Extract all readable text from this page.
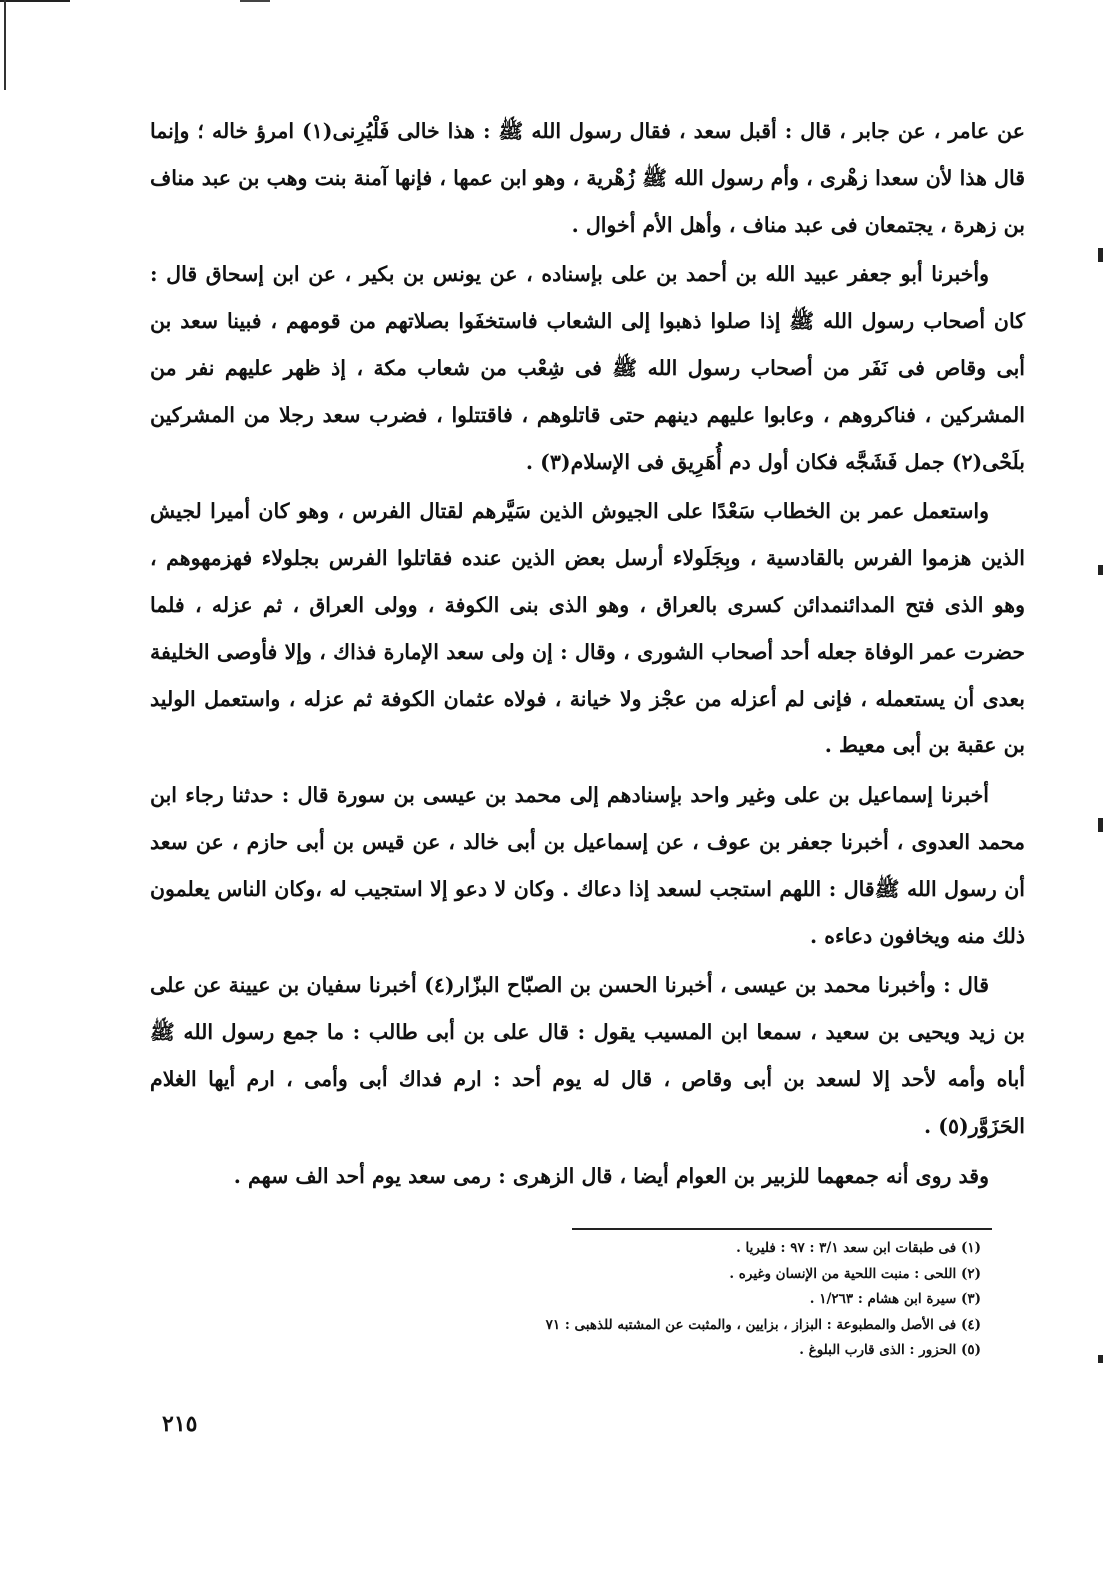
عن عامر ، عن جابر ، قال : أقبل سعد ، فقال رسول الله ﷺ : هذا خالى فَلْيُرِنى(١) امرؤ خاله ؛ وإنما قال هذا لأن سعدا زهْرى ، وأم رسول الله ﷺ زُهْرية ، وهو ابن عمها ، فإنها آمنة بنت وهب بن عبد مناف بن زهرة ، يجتمعان فى عبد مناف ، وأهل الأم أخوال .

وأخبرنا أبو جعفر عبيد الله بن أحمد بن على بإسناده ، عن يونس بن بكير ، عن ابن إسحاق قال : كان أصحاب رسول الله ﷺ إذا صلوا ذهبوا إلى الشعاب فاستخفَوا بصلاتهم من قومهم ، فبينا سعد بن أبى وقاص فى نَفَر من أصحاب رسول الله ﷺ فى شِعْب من شعاب مكة ، إذ ظهر عليهم نفر من المشركين ، فناكروهم ، وعابوا عليهم دينهم حتى قاتلوهم ، فاقتتلوا ، فضرب سعد رجلا من المشركين بلَحْى(٢) جمل فَشَجَّه فكان أول دم أُهَرِيق فى الإسلام(٣) .

واستعمل عمر بن الخطاب سَعْدًا على الجيوش الذين سَيَّرهم لقتال الفرس ، وهو كان أميرا لجيش الذين هزموا الفرس بالقادسية ، وبِجَلَولاء أرسل بعض الذين عنده فقاتلوا الفرس بجلولاء فهزمهوهم ، وهو الذى فتح المدائنمدائن كسرى بالعراق ، وهو الذى بنى الكوفة ، وولى العراق ، ثم عزله ، فلما حضرت عمر الوفاة جعله أحد أصحاب الشورى ، وقال : إن ولى سعد الإمارة فذاك ، وإلا فأوصى الخليفة بعدى أن يستعمله ، فإنى لم أعزله من عجْز ولا خيانة ، فولاه عثمان الكوفة ثم عزله ، واستعمل الوليد بن عقبة بن أبى معيط .

أخبرنا إسماعيل بن على وغير واحد بإسنادهم إلى محمد بن عيسى بن سورة قال : حدثنا رجاء ابن محمد العدوى ، أخبرنا جعفر بن عوف ، عن إسماعيل بن أبى خالد ، عن قيس بن أبى حازم ، عن سعد أن رسول الله ﷺقال : اللهم استجب لسعد إذا دعاك . وكان لا دعو إلا استجيب له ،وكان الناس يعلمون ذلك منه ويخافون دعاءه .

قال : وأخبرنا محمد بن عيسى ، أخبرنا الحسن بن الصبّاح البزّار(٤) أخبرنا سفيان بن عيينة عن على بن زيد ويحيى بن سعيد ، سمعا ابن المسيب يقول : قال على بن أبى طالب : ما جمع رسول الله ﷺ أباه وأمه لأحد إلا لسعد بن أبى وقاص ، قال له يوم أحد : ارم فداك أبى وأمى ، ارم أيها الغلام الحَزَوَّر(٥) .

وقد روى أنه جمعهما للزبير بن العوام أيضا ، قال الزهرى : رمى سعد يوم أحد الف سهم .

(١) فى طبقات ابن سعد ٣/١ : ٩٧ : فليريا .
(٢) اللحى : منبت اللحية من الإنسان وغيره .
(٣) سيرة ابن هشام : ١/٢٦٣ .
(٤) فى الأصل والمطبوعة : البزاز ، بزايين ، والمثبت عن المشتبه للذهبى : ٧١
(٥) الحزور : الذى قارب البلوغ .
٢١٥
